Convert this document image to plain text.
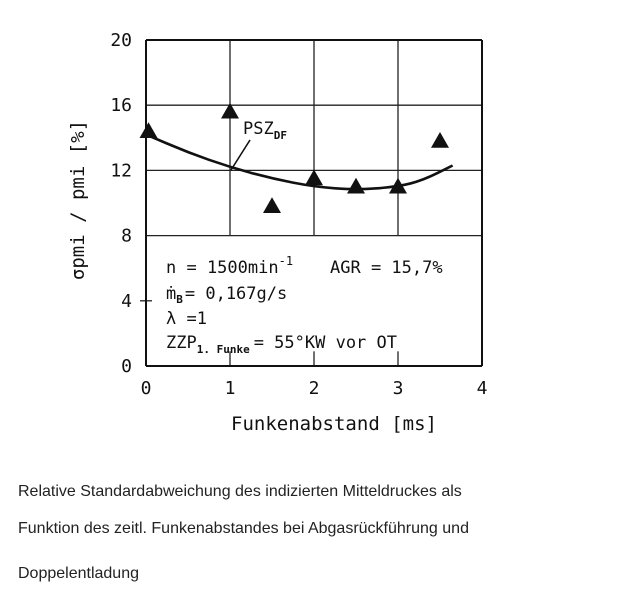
0	1	2	3	4
0
4
8
12
16
20
$PSZ_{DF}$
$n = 1500\min^{-1}$ AGR = 15,7%
ṁ$_B$ = 0,167g/s
λ =1
$ZZP_{1. Funke} = 55^\circ KW$ vor OT
Funkenabstand [ms]
σpmi / pmi [%]
Relative Standardabweichung des indizierten Mitteldruckes als
Funktion des zeitl. Funkenabstandes bei Abgasrückführung und
Doppelentladung
